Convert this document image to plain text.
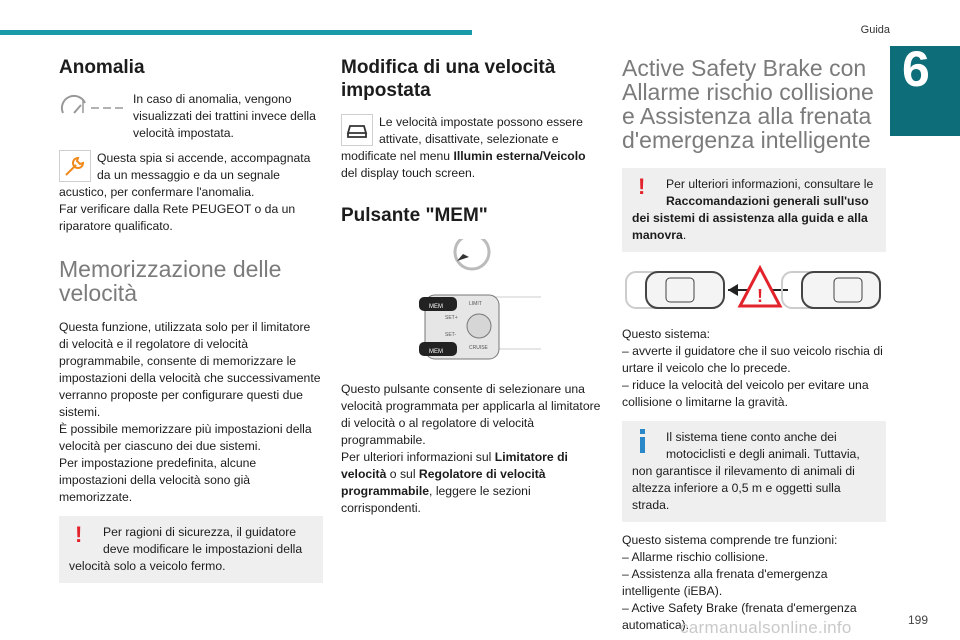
Guida
6
Anomalia

In caso di anomalia, vengono visualizzati dei trattini invece della velocità impostata.

Questa spia si accende, accompagnata da un messaggio e da un segnale acustico, per confermare l'anomalia.

Far verificare dalla Rete PEUGEOT o da un riparatore qualificato.

Memorizzazione delle velocità

Questa funzione, utilizzata solo per il limitatore di velocità e il regolatore di velocità programmabile, consente di memorizzare le impostazioni della velocità che successivamente verranno proposte per configurare questi due sistemi.

È possibile memorizzare più impostazioni della velocità per ciascuno dei due sistemi.

Per impostazione predefinita, alcune impostazioni della velocità sono già memorizzate.

!	Per ragioni di sicurezza, il guidatore deve modificare le impostazioni della velocità solo a veicolo fermo.

Modifica di una velocità impostata

Le velocità impostate possono essere attivate, disattivate, selezionate e modificate nel menu Illumin esterna/Veicolo del display touch screen.

Pulsante "MEM"
MEM
SET+
SET-
MEM
LIMIT
CRUISE

Questo pulsante consente di selezionare una velocità programmata per applicarla al limitatore di velocità o al regolatore di velocità programmabile.

Per ulteriori informazioni sul Limitatore di velocità o sul Regolatore di velocità programmabile, leggere le sezioni corrispondenti.

Active Safety Brake con Allarme rischio collisione e Assistenza alla frenata d'emergenza intelligente
!	Per ulteriori informazioni, consultare le Raccomandazioni generali sull'uso dei sistemi di assistenza alla guida e alla manovra.

!

Questo sistema:

– avverte il guidatore che il suo veicolo rischia di urtare il veicolo che lo precede.

– riduce la velocità del veicolo per evitare una collisione o limitarne la gravità.

Il sistema tiene conto anche dei motociclisti e degli animali. Tuttavia, non garantisce il rilevamento di animali di altezza inferiore a 0,5 m e oggetti sulla strada.

Questo sistema comprende tre funzioni:

– Allarme rischio collisione.

– Assistenza alla frenata d'emergenza intelligente (iEBA).

– Active Safety Brake (frenata d'emergenza automatica).

carmanualsonline.info	199
